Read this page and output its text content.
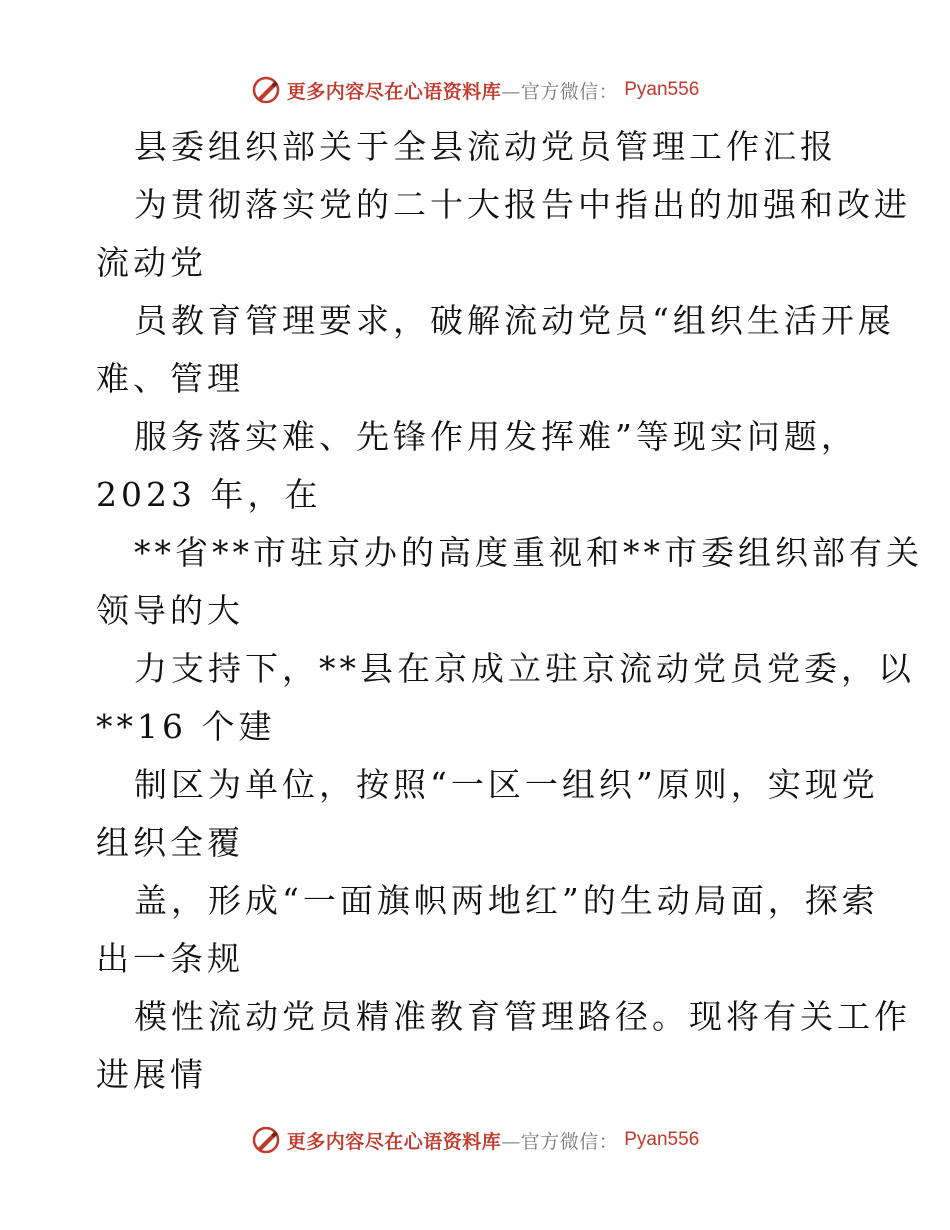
更多内容尽在心语资料库—官方微信： Pyan556
县委组织部关于全县流动党员管理工作汇报
为贯彻落实党的二十大报告中指出的加强和改进
流动党
员教育管理要求，破解流动党员“组织生活开展
难、管理
服务落实难、先锋作用发挥难”等现实问题，
2023 年，在
**省**市驻京办的高度重视和**市委组织部有关
领导的大
力支持下，**县在京成立驻京流动党员党委，以
**16 个建
制区为单位，按照“一区一组织”原则，实现党
组织全覆
盖，形成“一面旗帜两地红”的生动局面，探索
出一条规
模性流动党员精准教育管理路径。现将有关工作
进展情
更多内容尽在心语资料库—官方微信： Pyan556
